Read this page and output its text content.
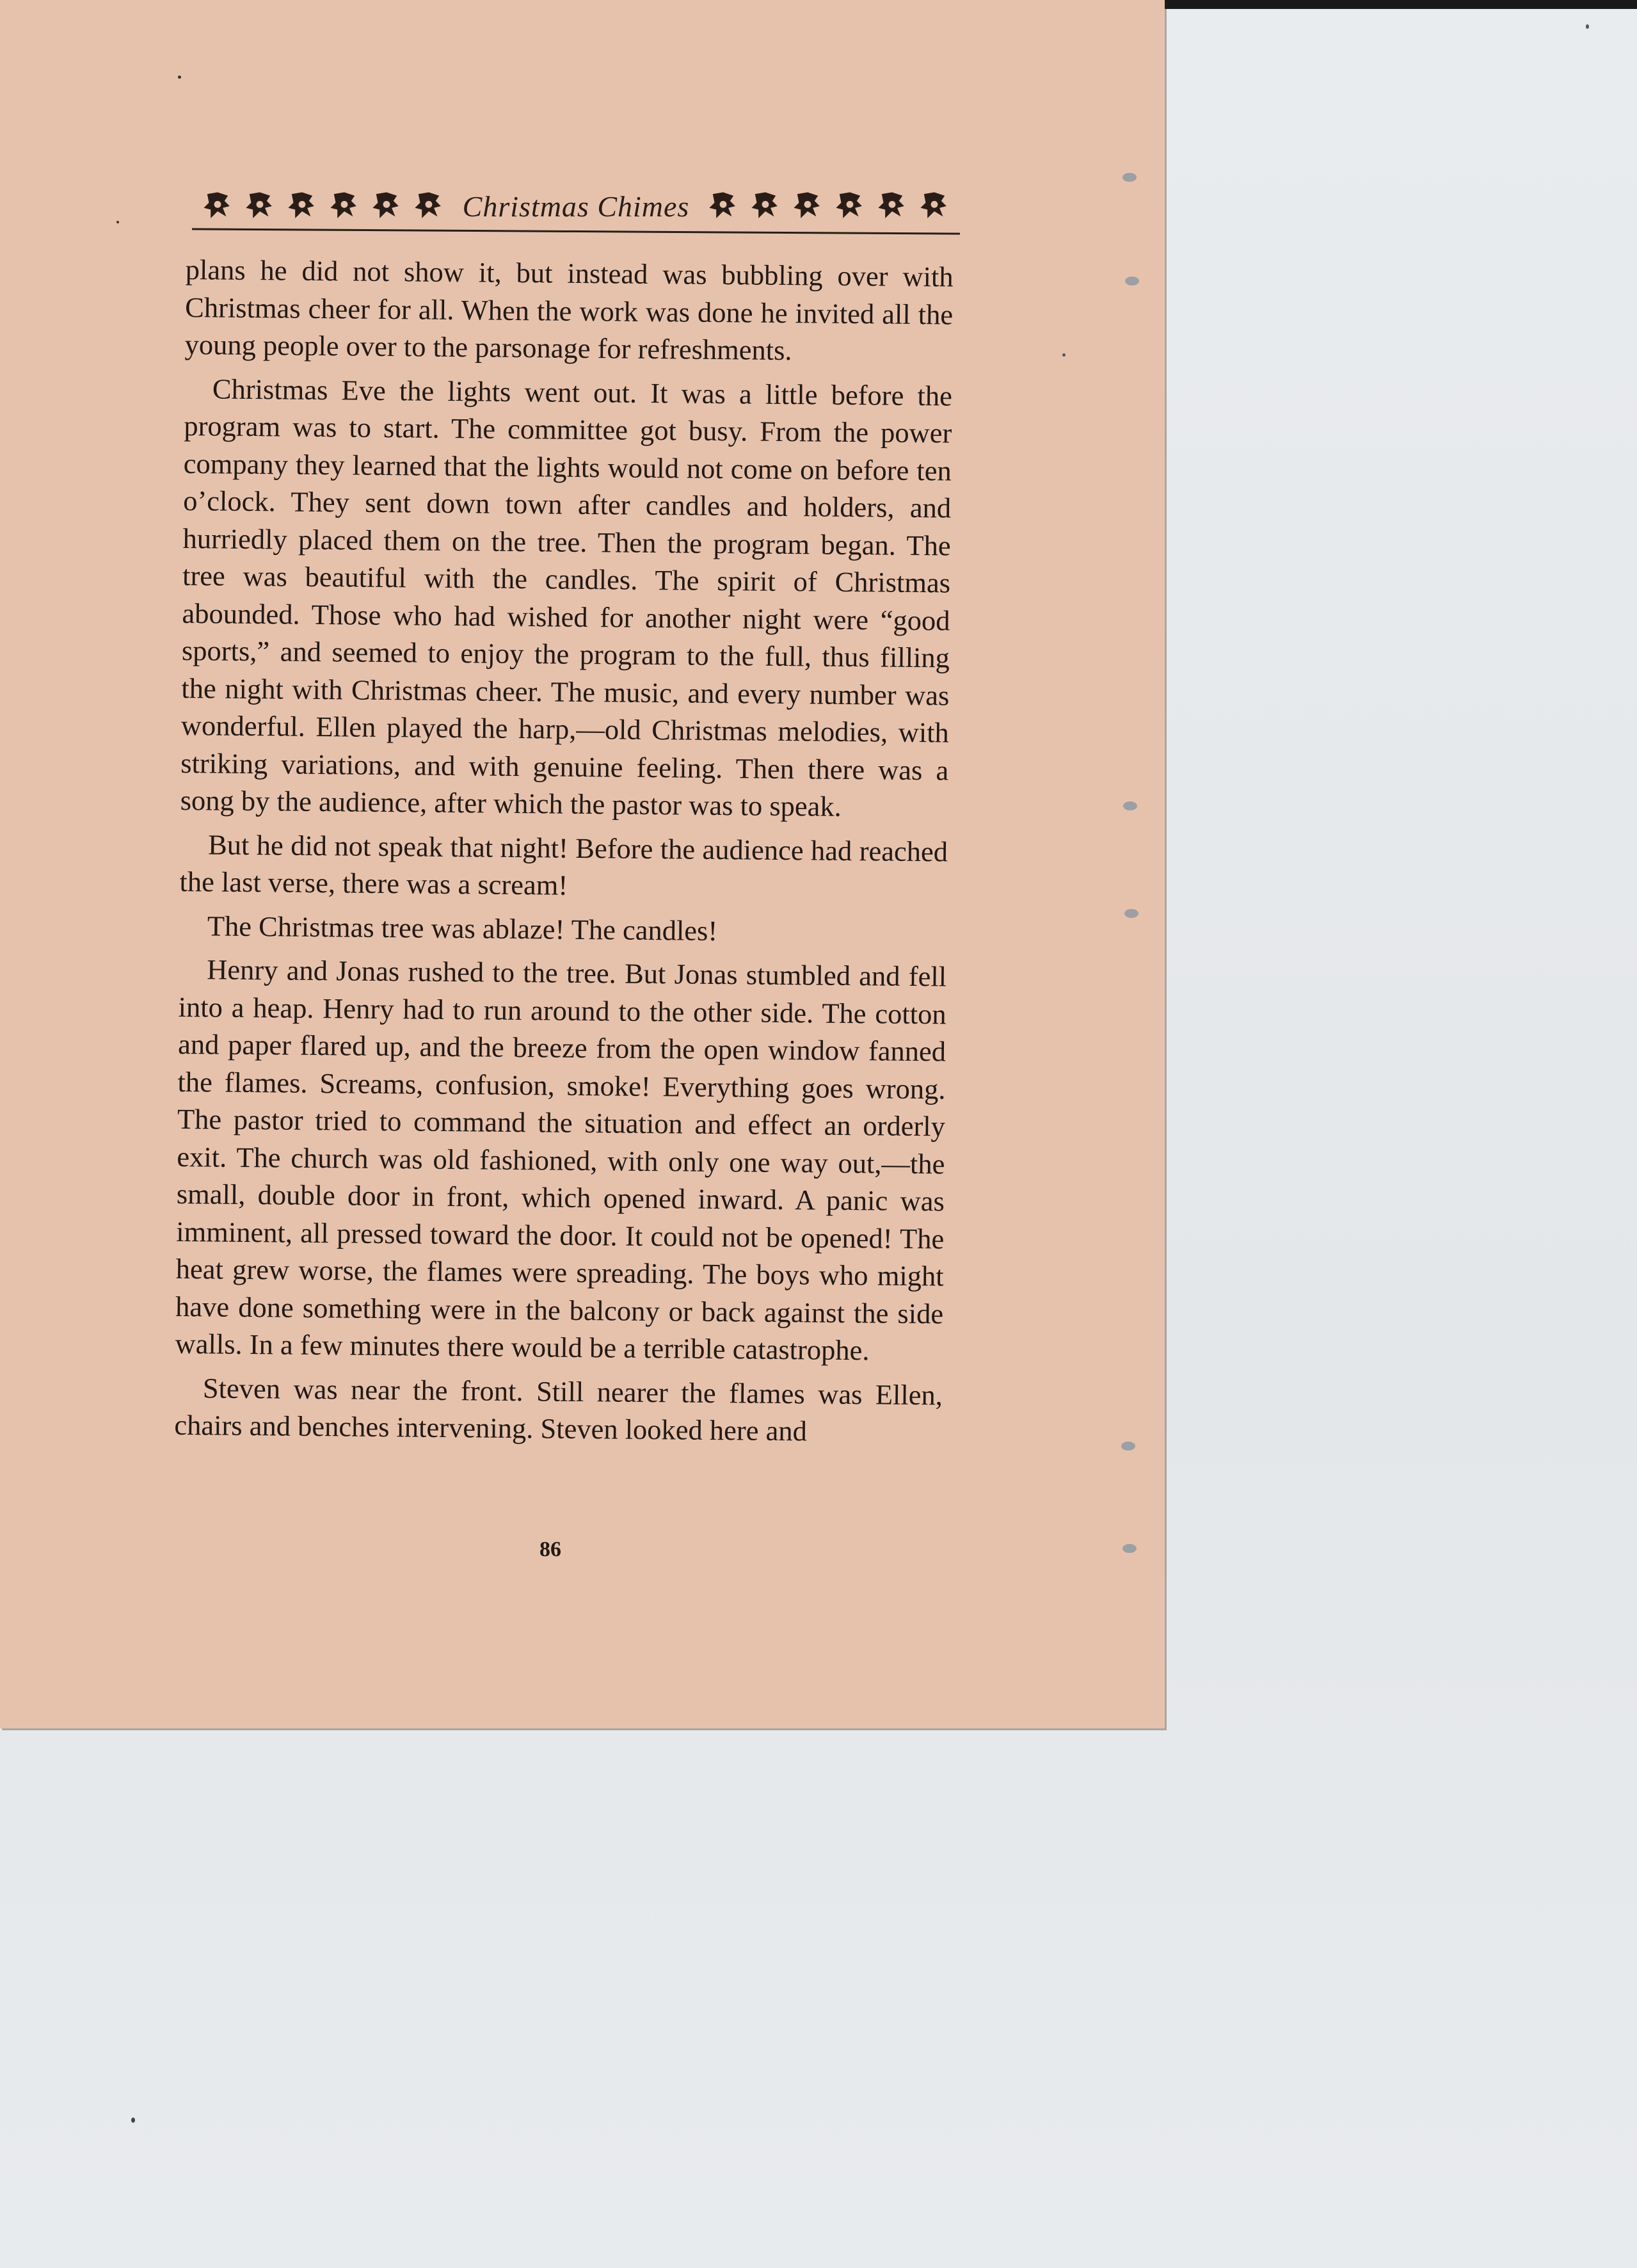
Christmas Chimes

plans he did not show it, but instead was bubbling over with Christmas cheer for all. When the work was done he invited all the young people over to the parsonage for refreshments.

Christmas Eve the lights went out. It was a little before the program was to start. The committee got busy. From the power company they learned that the lights would not come on before ten o’clock. They sent down town after candles and holders, and hurriedly placed them on the tree. Then the program began. The tree was beautiful with the candles. The spirit of Christmas abounded. Those who had wished for another night were “good sports,” and seemed to enjoy the program to the full, thus filling the night with Christmas cheer. The music, and every number was wonderful. Ellen played the harp,—old Christmas melodies, with striking variations, and with genuine feeling. Then there was a song by the audience, after which the pastor was to speak.

But he did not speak that night! Before the audience had reached the last verse, there was a scream!

The Christmas tree was ablaze! The candles!

Henry and Jonas rushed to the tree. But Jonas stumbled and fell into a heap. Henry had to run around to the other side. The cotton and paper flared up, and the breeze from the open window fanned the flames. Screams, confusion, smoke! Everything goes wrong. The pastor tried to command the situation and effect an orderly exit. The church was old fashioned, with only one way out,—the small, double door in front, which opened inward. A panic was imminent, all pressed toward the door. It could not be opened! The heat grew worse, the flames were spreading. The boys who might have done something were in the balcony or back against the side walls. In a few minutes there would be a terrible catastrophe.

Steven was near the front. Still nearer the flames was Ellen, chairs and benches intervening. Steven looked here and

86
